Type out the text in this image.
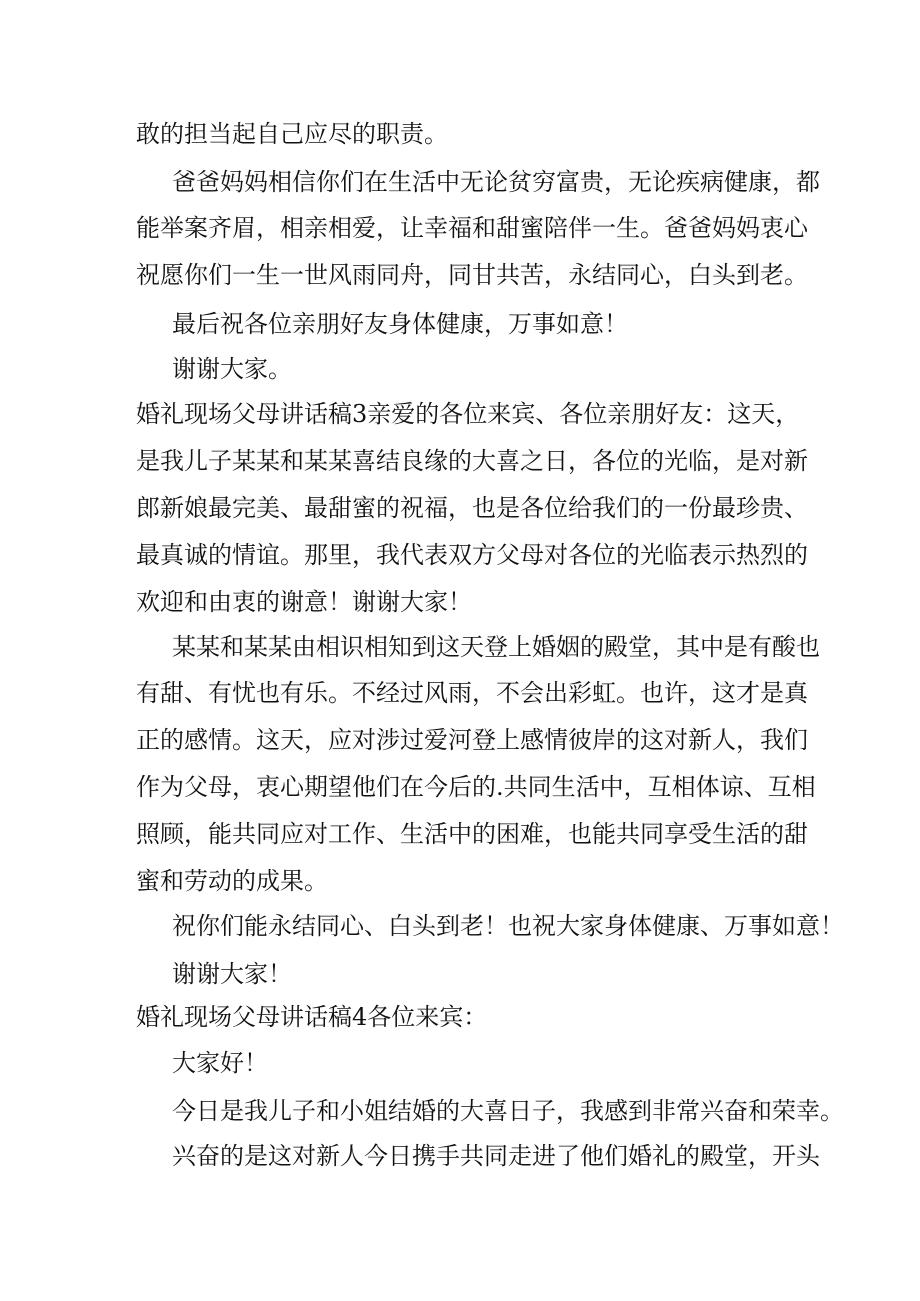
敢的担当起自己应尽的职责。
爸爸妈妈相信你们在生活中无论贫穷富贵，无论疾病健康，都
能举案齐眉，相亲相爱，让幸福和甜蜜陪伴一生。爸爸妈妈衷心
祝愿你们一生一世风雨同舟，同甘共苦，永结同心，白头到老。
最后祝各位亲朋好友身体健康，万事如意！
谢谢大家。
婚礼现场父母讲话稿3亲爱的各位来宾、各位亲朋好友：这天，
是我儿子某某和某某喜结良缘的大喜之日，各位的光临，是对新
郎新娘最完美、最甜蜜的祝福，也是各位给我们的一份最珍贵、
最真诚的情谊。那里，我代表双方父母对各位的光临表示热烈的
欢迎和由衷的谢意！谢谢大家！
某某和某某由相识相知到这天登上婚姻的殿堂，其中是有酸也
有甜、有忧也有乐。不经过风雨，不会出彩虹。也许，这才是真
正的感情。这天，应对涉过爱河登上感情彼岸的这对新人，我们
作为父母，衷心期望他们在今后的.共同生活中，互相体谅、互相
照顾，能共同应对工作、生活中的困难，也能共同享受生活的甜
蜜和劳动的成果。
祝你们能永结同心、白头到老！也祝大家身体健康、万事如意！
谢谢大家！
婚礼现场父母讲话稿4各位来宾：
大家好！
今日是我儿子和小姐结婚的大喜日子，我感到非常兴奋和荣幸。
兴奋的是这对新人今日携手共同走进了他们婚礼的殿堂，开头
